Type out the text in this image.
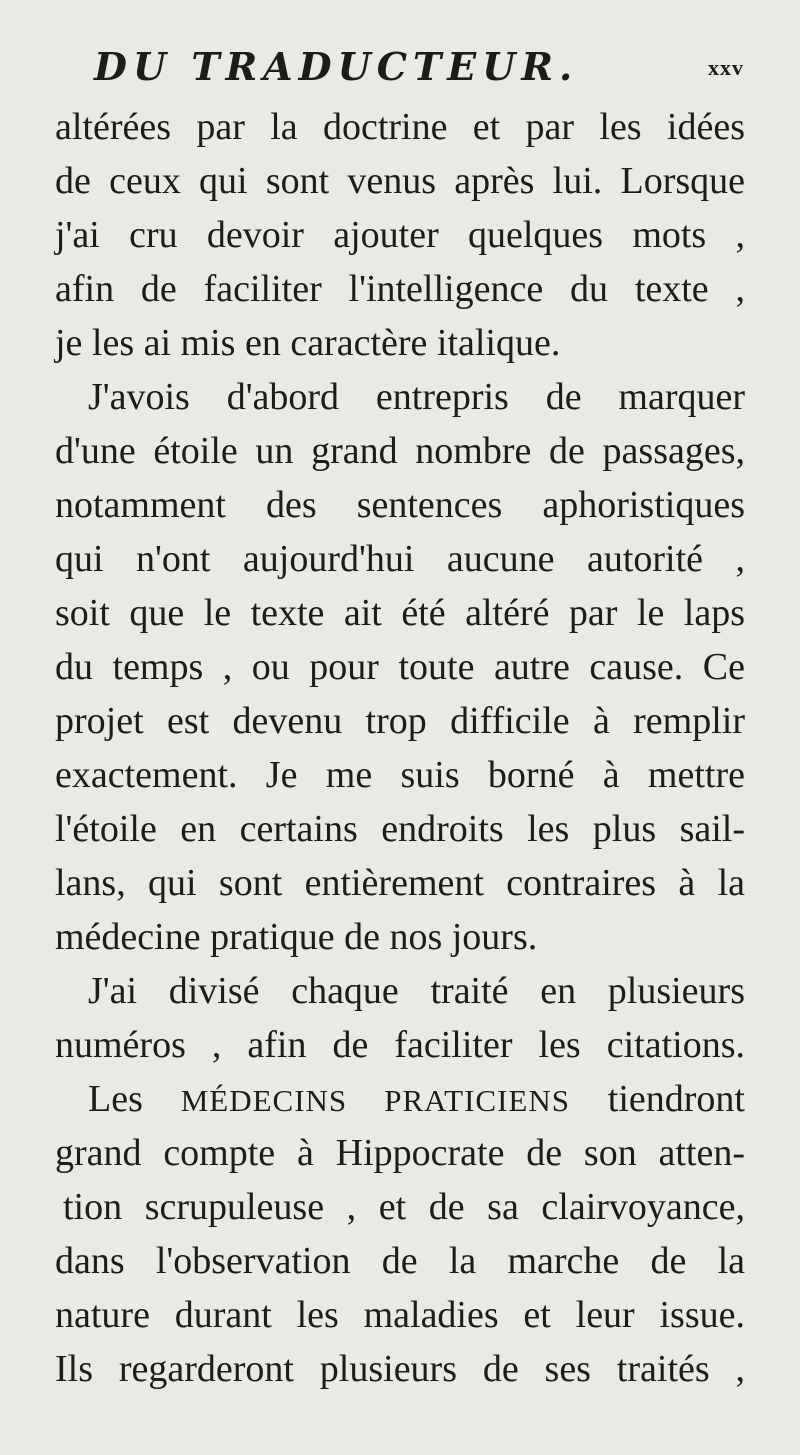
DU TRADUCTEUR.	xxv
altérées par la doctrine et par les idées
de ceux qui sont venus après lui. Lorsque
j'ai cru devoir ajouter quelques mots ,
afin de faciliter l'intelligence du texte ,
je les ai mis en caractère italique.
J'avois d'abord entrepris de marquer
d'une étoile un grand nombre de passages,
notamment des sentences aphoristiques
qui n'ont aujourd'hui aucune autorité ,
soit que le texte ait été altéré par le laps
du temps , ou pour toute autre cause. Ce
projet est devenu trop difficile à remplir
exactement. Je me suis borné à mettre
l'étoile en certains endroits les plus sail-
lans, qui sont entièrement contraires à la
médecine pratique de nos jours.
J'ai divisé chaque traité en plusieurs
numéros , afin de faciliter les citations.
Les MÉDECINS PRATICIENS tiendront
grand compte à Hippocrate de son atten-
tion scrupuleuse , et de sa clairvoyance,
dans l'observation de la marche de la
nature durant les maladies et leur issue.
Ils regarderont plusieurs de ses traités ,
